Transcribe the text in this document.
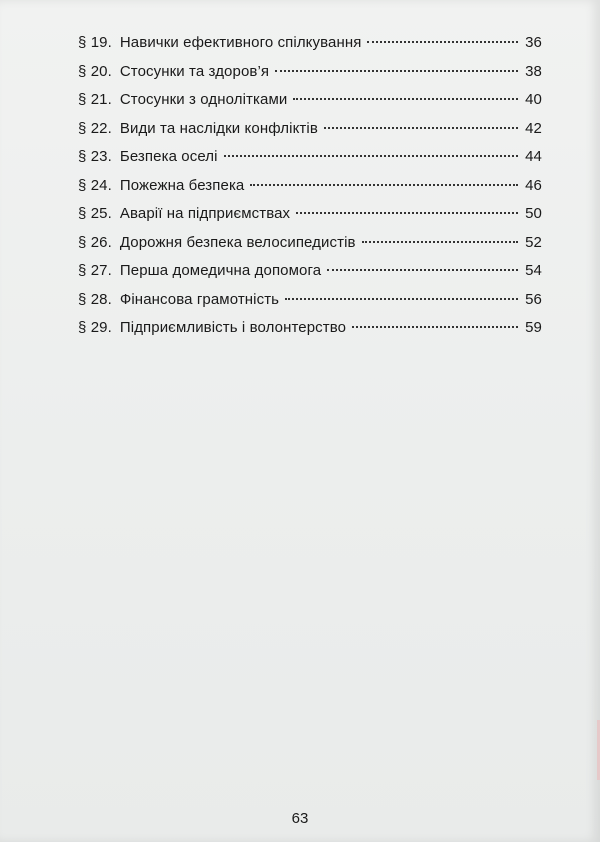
§ 19. Навички ефективного спілкування	36
§ 20. Стосунки та здоров’я	38
§ 21. Стосунки з однолітками	40
§ 22. Види та наслідки конфліктів	42
§ 23. Безпека оселі	44
§ 24. Пожежна безпека	46
§ 25. Аварії на підприємствах	50
§ 26. Дорожня безпека велосипедистів	52
§ 27. Перша домедична допомога	54
§ 28. Фінансова грамотність	56
§ 29. Підприємливість і волонтерство	59
63
